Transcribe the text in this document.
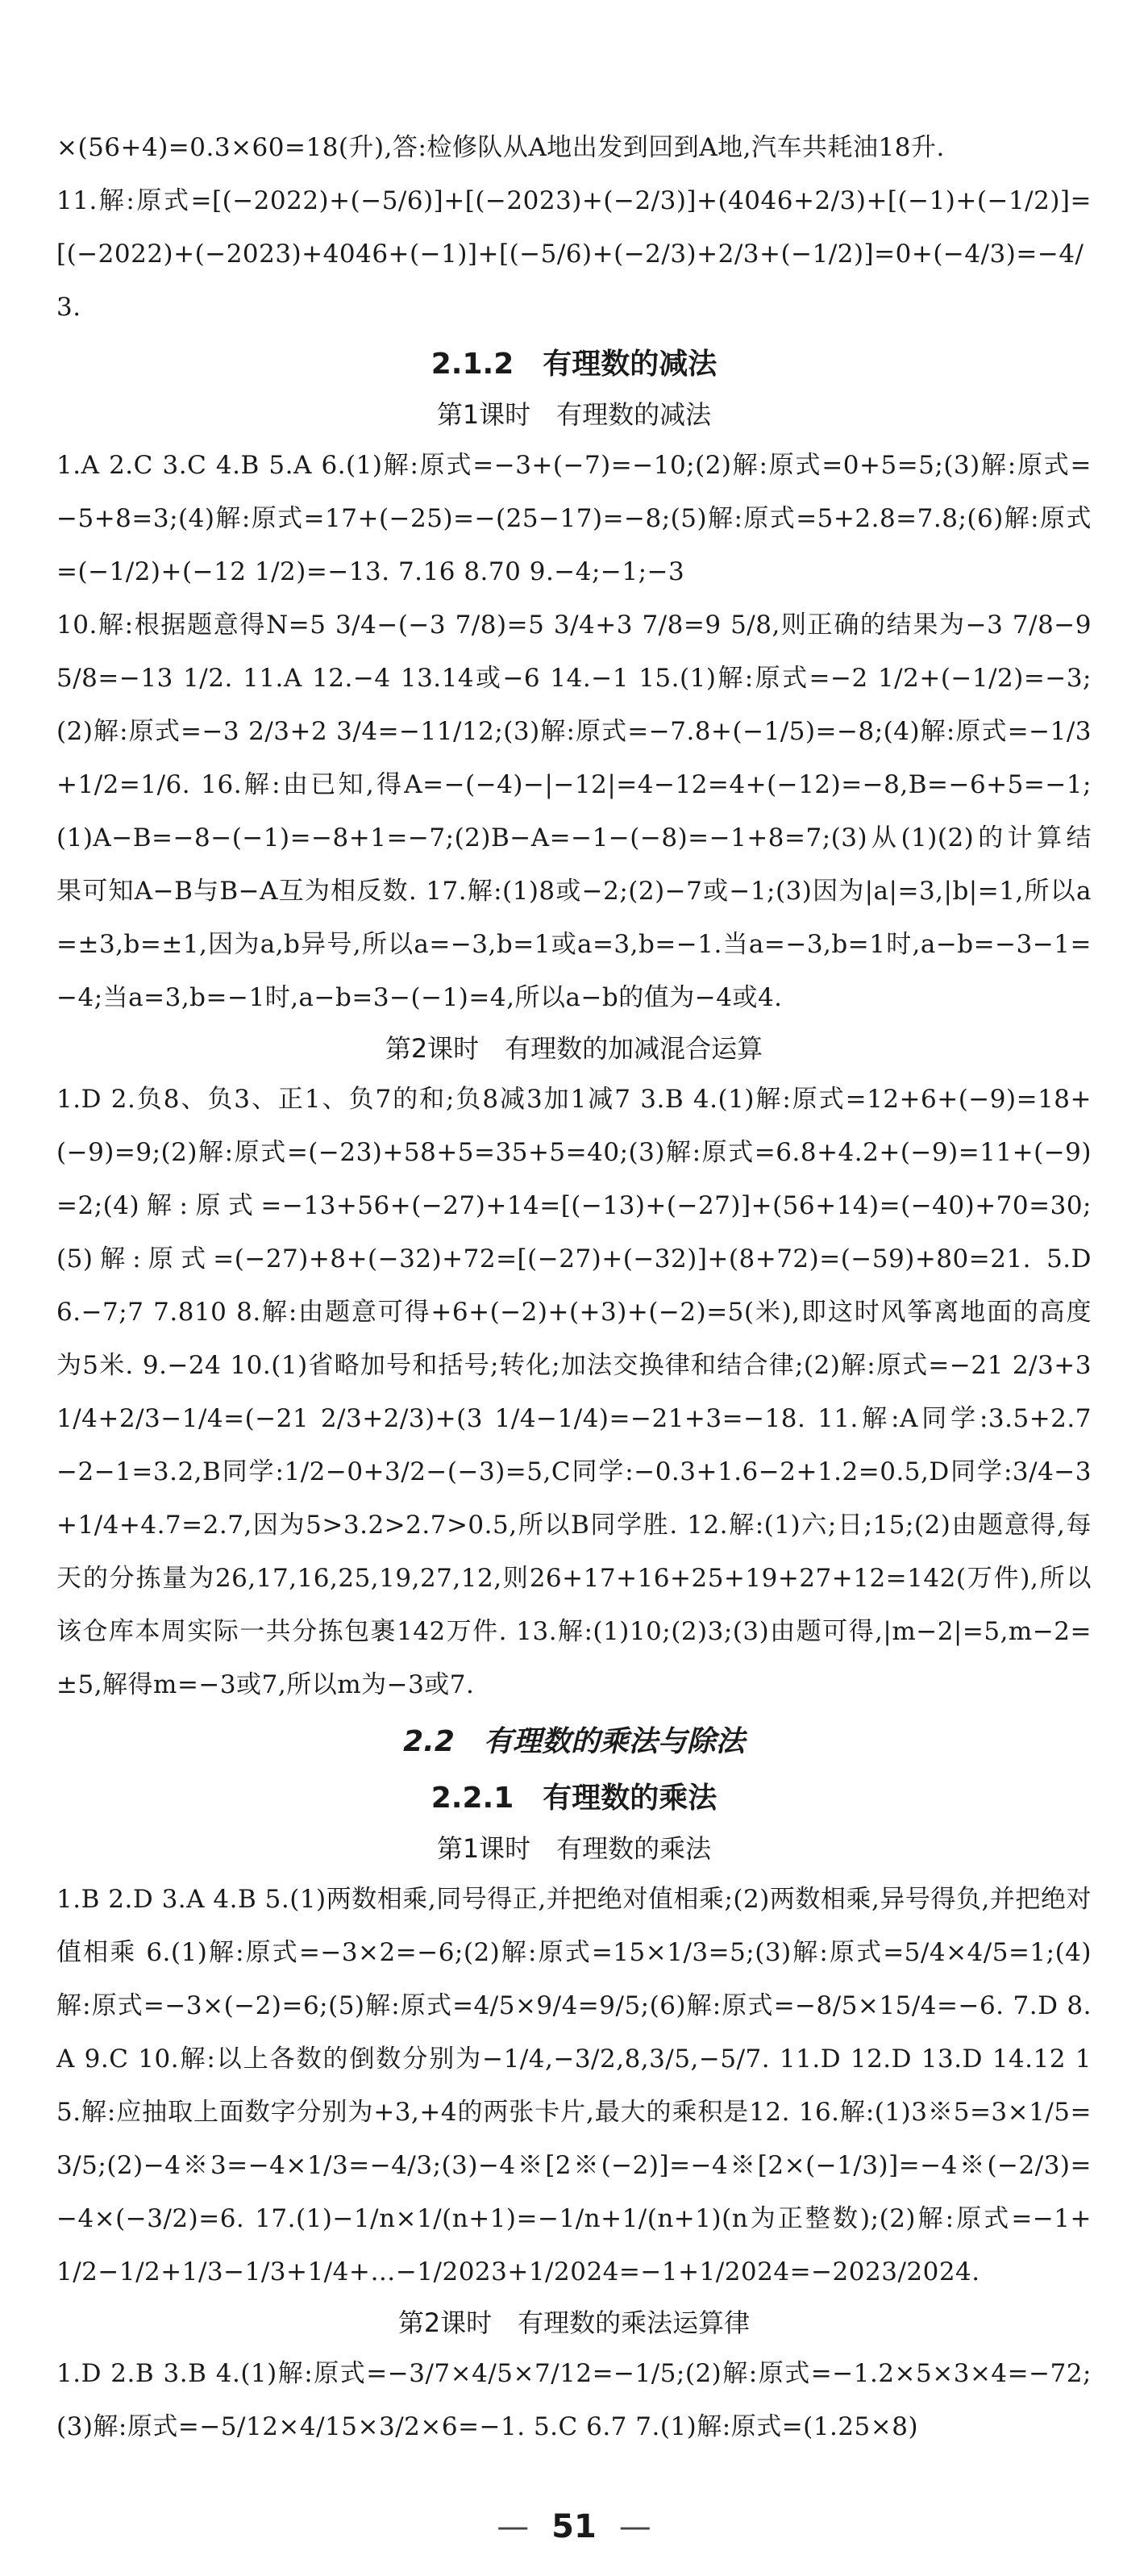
×(56+4)=0.3×60=18(升),答:检修队从A地出发到回到A地,汽车共耗油18升.

11.解:原式=[(−2022)+(−5/6)]+[(−2023)+(−2/3)]+(4046+2/3)+[(−1)+(−1/2)]=[(−2022)+(−2023)+4046+(−1)]+[(−5/6)+(−2/3)+2/3+(−1/2)]=0+(−4/3)=−4/3.

2.1.2　有理数的减法
第1课时　有理数的减法

1.A 2.C 3.C 4.B 5.A 6.(1)解:原式=−3+(−7)=−10;(2)解:原式=0+5=5;(3)解:原式=−5+8=3;(4)解:原式=17+(−25)=−(25−17)=−8;(5)解:原式=5+2.8=7.8;(6)解:原式=(−1/2)+(−12 1/2)=−13. 7.16 8.70 9.−4;−1;−3

10.解:根据题意得N=5 3/4−(−3 7/8)=5 3/4+3 7/8=9 5/8,则正确的结果为−3 7/8−9 5/8=−13 1/2. 11.A 12.−4 13.14或−6 14.−1 15.(1)解:原式=−2 1/2+(−1/2)=−3;(2)解:原式=−3 2/3+2 3/4=−11/12;(3)解:原式=−7.8+(−1/5)=−8;(4)解:原式=−1/3+1/2=1/6. 16.解:由已知,得A=−(−4)−|−12|=4−12=4+(−12)=−8,B=−6+5=−1;(1)A−B=−8−(−1)=−8+1=−7;(2)B−A=−1−(−8)=−1+8=7;(3)从(1)(2)的计算结果可知A−B与B−A互为相反数. 17.解:(1)8或−2;(2)−7或−1;(3)因为|a|=3,|b|=1,所以a=±3,b=±1,因为a,b异号,所以a=−3,b=1或a=3,b=−1.当a=−3,b=1时,a−b=−3−1=−4;当a=3,b=−1时,a−b=3−(−1)=4,所以a−b的值为−4或4.

第2课时　有理数的加减混合运算

1.D 2.负8、负3、正1、负7的和;负8减3加1减7 3.B 4.(1)解:原式=12+6+(−9)=18+(−9)=9;(2)解:原式=(−23)+58+5=35+5=40;(3)解:原式=6.8+4.2+(−9)=11+(−9)=2;(4)解:原式=−13+56+(−27)+14=[(−13)+(−27)]+(56+14)=(−40)+70=30;(5)解:原式=(−27)+8+(−32)+72=[(−27)+(−32)]+(8+72)=(−59)+80=21. 5.D 6.−7;7 7.810 8.解:由题意可得+6+(−2)+(+3)+(−2)=5(米),即这时风筝离地面的高度为5米. 9.−24 10.(1)省略加号和括号;转化;加法交换律和结合律;(2)解:原式=−21 2/3+3 1/4+2/3−1/4=(−21 2/3+2/3)+(3 1/4−1/4)=−21+3=−18. 11.解:A同学:3.5+2.7−2−1=3.2,B同学:1/2−0+3/2−(−3)=5,C同学:−0.3+1.6−2+1.2=0.5,D同学:3/4−3+1/4+4.7=2.7,因为5>3.2>2.7>0.5,所以B同学胜. 12.解:(1)六;日;15;(2)由题意得,每天的分拣量为26,17,16,25,19,27,12,则26+17+16+25+19+27+12=142(万件),所以该仓库本周实际一共分拣包裹142万件. 13.解:(1)10;(2)3;(3)由题可得,|m−2|=5,m−2=±5,解得m=−3或7,所以m为−3或7.

2.2　有理数的乘法与除法
2.2.1　有理数的乘法
第1课时　有理数的乘法

1.B 2.D 3.A 4.B 5.(1)两数相乘,同号得正,并把绝对值相乘;(2)两数相乘,异号得负,并把绝对值相乘 6.(1)解:原式=−3×2=−6;(2)解:原式=15×1/3=5;(3)解:原式=5/4×4/5=1;(4)解:原式=−3×(−2)=6;(5)解:原式=4/5×9/4=9/5;(6)解:原式=−8/5×15/4=−6. 7.D 8.A 9.C 10.解:以上各数的倒数分别为−1/4,−3/2,8,3/5,−5/7. 11.D 12.D 13.D 14.12 15.解:应抽取上面数字分别为+3,+4的两张卡片,最大的乘积是12. 16.解:(1)3※5=3×1/5=3/5;(2)−4※3=−4×1/3=−4/3;(3)−4※[2※(−2)]=−4※[2×(−1/3)]=−4※(−2/3)=−4×(−3/2)=6. 17.(1)−1/n×1/(n+1)=−1/n+1/(n+1)(n为正整数);(2)解:原式=−1+1/2−1/2+1/3−1/3+1/4+…−1/2023+1/2024=−1+1/2024=−2023/2024.

第2课时　有理数的乘法运算律

1.D 2.B 3.B 4.(1)解:原式=−3/7×4/5×7/12=−1/5;(2)解:原式=−1.2×5×3×4=−72;(3)解:原式=−5/12×4/15×3/2×6=−1. 5.C 6.7 7.(1)解:原式=(1.25×8)

— 51 —
